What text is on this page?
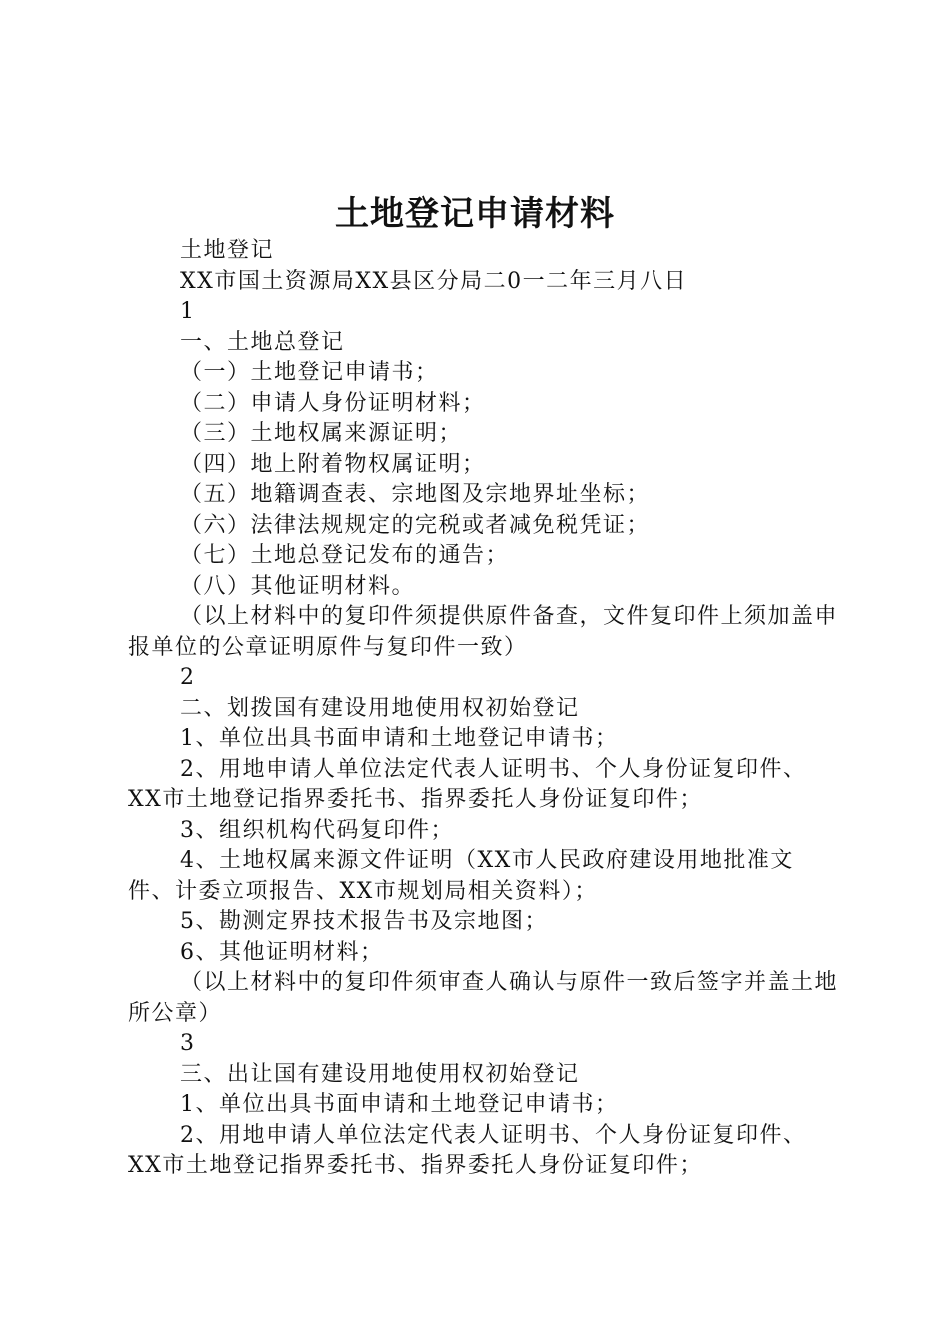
土地登记申请材料

土地登记

XX市国土资源局XX县区分局二0一二年三月八日

1

一、土地总登记

（一）土地登记申请书；

（二）申请人身份证明材料；

（三）土地权属来源证明；

（四）地上附着物权属证明；

（五）地籍调查表、宗地图及宗地界址坐标；

（六）法律法规规定的完税或者减免税凭证；

（七）土地总登记发布的通告；

（八）其他证明材料。

（以上材料中的复印件须提供原件备查，文件复印件上须加盖申报单位的公章证明原件与复印件一致）

2

二、划拨国有建设用地使用权初始登记

1、单位出具书面申请和土地登记申请书；

2、用地申请人单位法定代表人证明书、个人身份证复印件、XX市土地登记指界委托书、指界委托人身份证复印件；

3、组织机构代码复印件；

4、土地权属来源文件证明（XX市人民政府建设用地批准文件、计委立项报告、XX市规划局相关资料）；

5、勘测定界技术报告书及宗地图；

6、其他证明材料；

（以上材料中的复印件须审查人确认与原件一致后签字并盖土地所公章）

3

三、出让国有建设用地使用权初始登记

1、单位出具书面申请和土地登记申请书；

2、用地申请人单位法定代表人证明书、个人身份证复印件、XX市土地登记指界委托书、指界委托人身份证复印件；
